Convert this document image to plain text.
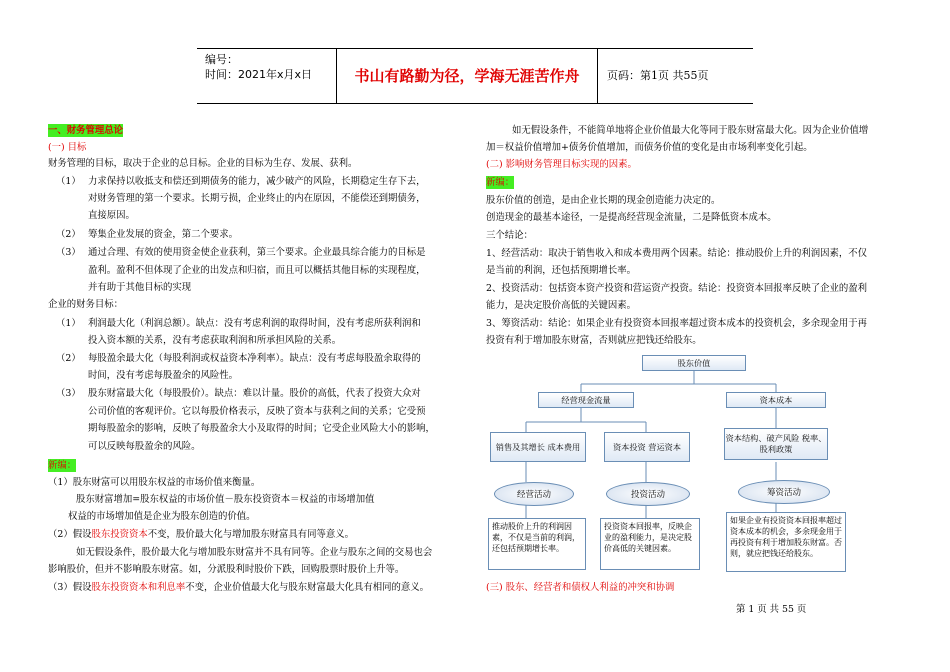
编号：
时间：2021年x月x日	书山有路勤为径，学海无涯苦作舟	页码：第1页 共55页
一、财务管理总论
(一) 目标
财务管理的目标，取决于企业的总目标。企业的目标为生存、发展、获利。
（1） 力求保持以收抵支和偿还到期债务的能力，减少破产的风险，长期稳定生存下去，
对财务管理的第一个要求。长期亏损，企业终止的内在原因，不能偿还到期债务，
直接原因。
（2） 筹集企业发展的资金，第二个要求。
（3） 通过合理、有效的使用资金使企业获利，第三个要求。企业最具综合能力的目标是
盈利。盈利不但体现了企业的出发点和归宿，而且可以概括其他目标的实现程度，
并有助于其他目标的实现
企业的财务目标：
（1） 利润最大化（利润总额）。缺点：没有考虑利润的取得时间，没有考虑所获利润和
投入资本额的关系，没有考虑获取利润和所承担风险的关系。
（2） 每股盈余最大化（每股利润或权益资本净利率）。缺点：没有考虑每股盈余取得的
时间，没有考虑每股盈余的风险性。
（3） 股东财富最大化（每股股价）。缺点：难以计量。股价的高低，代表了投资大众对
公司价值的客观评价。它以每股价格表示，反映了资本与获利之间的关系；它受预
期每股盈余的影响，反映了每股盈余大小及取得的时间；它受企业风险大小的影响，
可以反映每股盈余的风险。
新编：
（1）股东财富可以用股东权益的市场价值来衡量。
股东财富增加=股东权益的市场价值－股东投资资本＝权益的市场增加值
权益的市场增加值是企业为股东创造的价值。
（2）假设股东投资资本不变，股价最大化与增加股东财富具有同等意义。
如无假设条件，股价最大化与增加股东财富并不具有同等。企业与股东之间的交易也会
影响股价，但并不影响股东财富。如，分派股利时股价下跌，回购股票时股价上升等。
（3）假设股东投资资本和利息率不变，企业价值最大化与股东财富最大化具有相同的意义。
如无假设条件，不能简单地将企业价值最大化等同于股东财富最大化。因为企业价值增
加＝权益价值增加+债务价值增加，而债务价值的变化是由市场利率变化引起。
(二) 影响财务管理目标实现的因素。
新编：
股东价值的创造，是由企业长期的现金创造能力决定的。
创造现金的最基本途径，一是提高经营现金流量，二是降低资本成本。
三个结论：
1、经营活动：取决于销售收入和成本费用两个因素。结论：推动股价上升的利润因素，不仅
是当前的利润，还包括预期增长率。
2、投资活动：包括资本资产投资和营运资产投资。结论：投资资本回报率反映了企业的盈利
能力，是决定股价高低的关键因素。
3、筹资活动：结论：如果企业有投资资本回报率超过资本成本的投资机会，多余现金用于再
投资有利于增加股东财富，否则就应把钱还给股东。
股东价值
经营现金流量	资本成本
销售及其增长 成本费用	资本投资 营运资本
资本结构、破产风险 税率、股利政策
经营活动	投资活动	筹资活动
推动股价上升的利润因素，不仅是当前的利润，还包括预期增长率。
投资资本回报率，反映企业的盈利能力，是决定股价高低的关键因素。
如果企业有投资资本回报率超过资本成本的机会，多余现金用于再投资有利于增加股东财富。否则，就应把钱还给股东。
(三) 股东、经营者和债权人利益的冲突和协调
第 1 页 共 55 页
